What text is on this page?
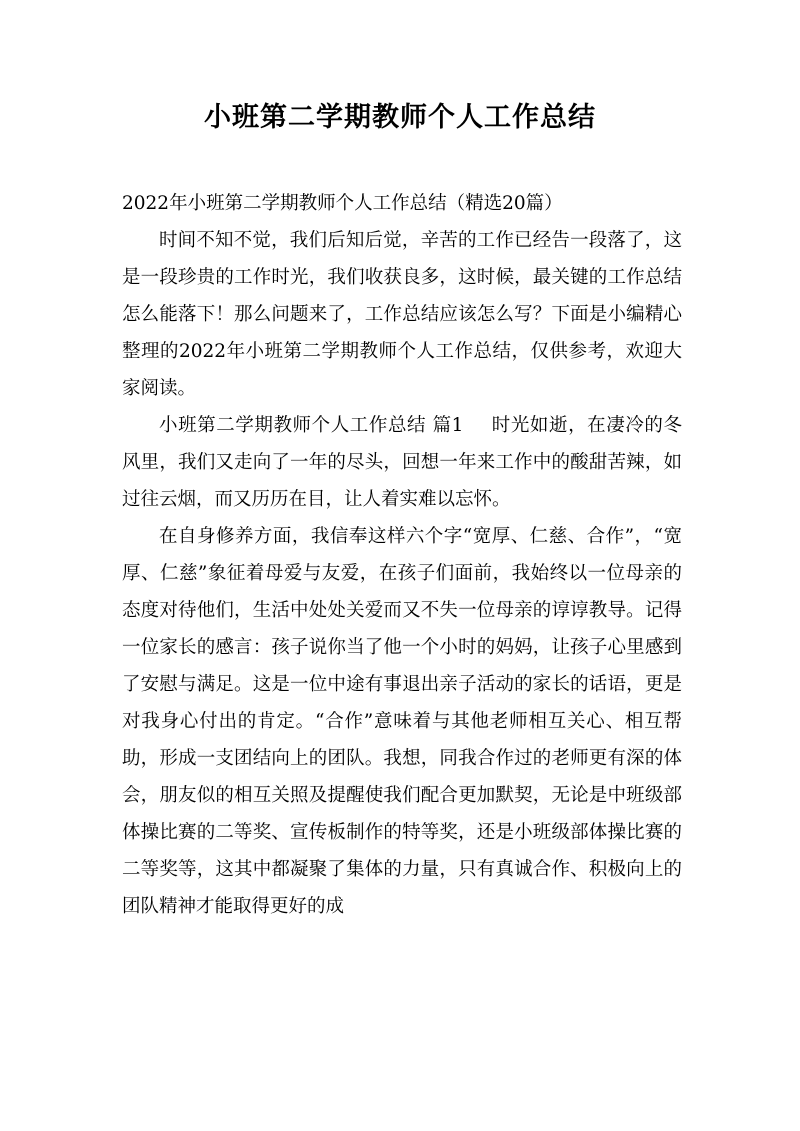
小班第二学期教师个人工作总结

2022年小班第二学期教师个人工作总结（精选20篇）

时间不知不觉，我们后知后觉，辛苦的工作已经告一段落了，这是一段珍贵的工作时光，我们收获良多，这时候，最关键的工作总结怎么能落下！那么问题来了，工作总结应该怎么写？下面是小编精心整理的2022年小班第二学期教师个人工作总结，仅供参考，欢迎大家阅读。

小班第二学期教师个人工作总结 篇1 时光如逝，在凄冷的冬风里，我们又走向了一年的尽头，回想一年来工作中的酸甜苦辣，如过往云烟，而又历历在目，让人着实难以忘怀。

在自身修养方面，我信奉这样六个字“宽厚、仁慈、合作”，“宽厚、仁慈”象征着母爱与友爱，在孩子们面前，我始终以一位母亲的态度对待他们，生活中处处关爱而又不失一位母亲的谆谆教导。记得一位家长的感言：孩子说你当了他一个小时的妈妈，让孩子心里感到了安慰与满足。这是一位中途有事退出亲子活动的家长的话语，更是对我身心付出的肯定。“合作”意味着与其他老师相互关心、相互帮助，形成一支团结向上的团队。我想，同我合作过的老师更有深的体会，朋友似的相互关照及提醒使我们配合更加默契，无论是中班级部体操比赛的二等奖、宣传板制作的特等奖，还是小班级部体操比赛的二等奖等，这其中都凝聚了集体的力量，只有真诚合作、积极向上的团队精神才能取得更好的成
